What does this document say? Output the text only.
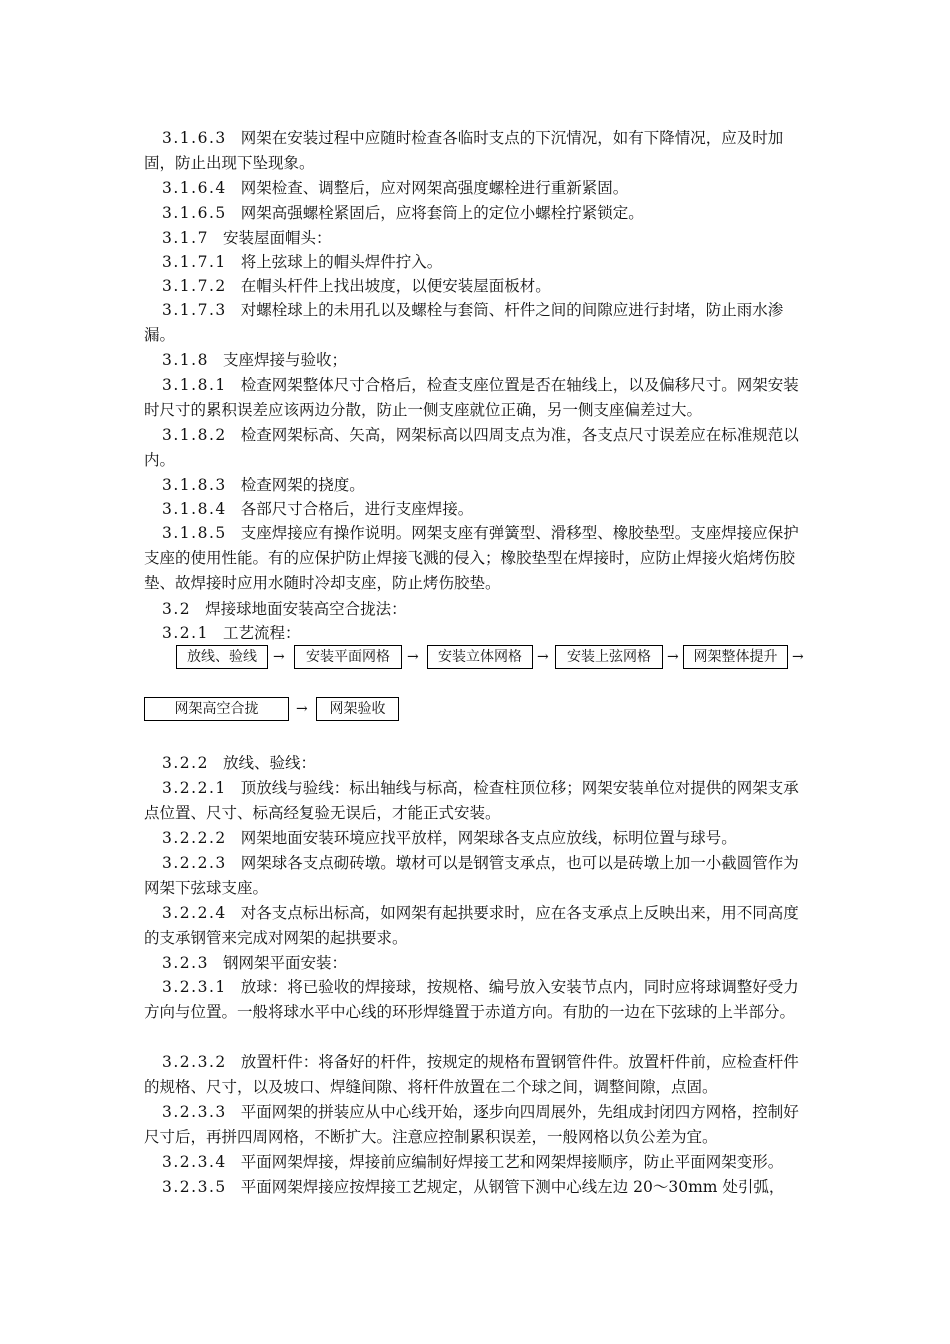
3.1.6.3 网架在安装过程中应随时检查各临时支点的下沉情况，如有下降情况，应及时加固，防止出现下坠现象。

3.1.6.4 网架检查、调整后，应对网架高强度螺栓进行重新紧固。

3.1.6.5 网架高强螺栓紧固后，应将套筒上的定位小螺栓拧紧锁定。

3.1.7 安装屋面帽头：

3.1.7.1 将上弦球上的帽头焊件拧入。

3.1.7.2 在帽头杆件上找出坡度，以便安装屋面板材。

3.1.7.3 对螺栓球上的未用孔以及螺栓与套筒、杆件之间的间隙应进行封堵，防止雨水渗漏。

3.1.8 支座焊接与验收；

3.1.8.1 检查网架整体尺寸合格后，检查支座位置是否在轴线上，以及偏移尺寸。网架安装时尺寸的累积误差应该两边分散，防止一侧支座就位正确，另一侧支座偏差过大。

3.1.8.2 检查网架标高、矢高，网架标高以四周支点为准，各支点尺寸误差应在标准规范以内。

3.1.8.3 检查网架的挠度。

3.1.8.4 各部尺寸合格后，进行支座焊接。

3.1.8.5 支座焊接应有操作说明。网架支座有弹簧型、滑移型、橡胶垫型。支座焊接应保护支座的使用性能。有的应保护防止焊接飞溅的侵入；橡胶垫型在焊接时，应防止焊接火焰烤伤胶垫、故焊接时应用水随时冷却支座，防止烤伤胶垫。

3.2 焊接球地面安装高空合拢法：

3.2.1 工艺流程：

放线、验线	→	安装平面网格	→	安装立体网格	→	安装上弦网格	→	网架整体提升	→
网架高空合拢	→	网架验收

3.2.2 放线、验线：

3.2.2.1 顶放线与验线：标出轴线与标高，检查柱顶位移；网架安装单位对提供的网架支承点位置、尺寸、标高经复验无误后，才能正式安装。

3.2.2.2 网架地面安装环境应找平放样，网架球各支点应放线，标明位置与球号。

3.2.2.3 网架球各支点砌砖墩。墩材可以是钢管支承点，也可以是砖墩上加一小截圆管作为网架下弦球支座。

3.2.2.4 对各支点标出标高，如网架有起拱要求时，应在各支承点上反映出来，用不同高度的支承钢管来完成对网架的起拱要求。

3.2.3 钢网架平面安装：

3.2.3.1 放球：将已验收的焊接球，按规格、编号放入安装节点内，同时应将球调整好受力方向与位置。一般将球水平中心线的环形焊缝置于赤道方向。有肋的一边在下弦球的上半部分。

3.2.3.2 放置杆件：将备好的杆件，按规定的规格布置钢管件件。放置杆件前，应检查杆件的规格、尺寸，以及坡口、焊缝间隙、将杆件放置在二个球之间，调整间隙，点固。

3.2.3.3 平面网架的拼装应从中心线开始，逐步向四周展外，先组成封闭四方网格，控制好尺寸后，再拼四周网格，不断扩大。注意应控制累积误差，一般网格以负公差为宜。

3.2.3.4 平面网架焊接，焊接前应编制好焊接工艺和网架焊接顺序，防止平面网架变形。

3.2.3.5 平面网架焊接应按焊接工艺规定，从钢管下测中心线左边 20～30mm 处引弧，
